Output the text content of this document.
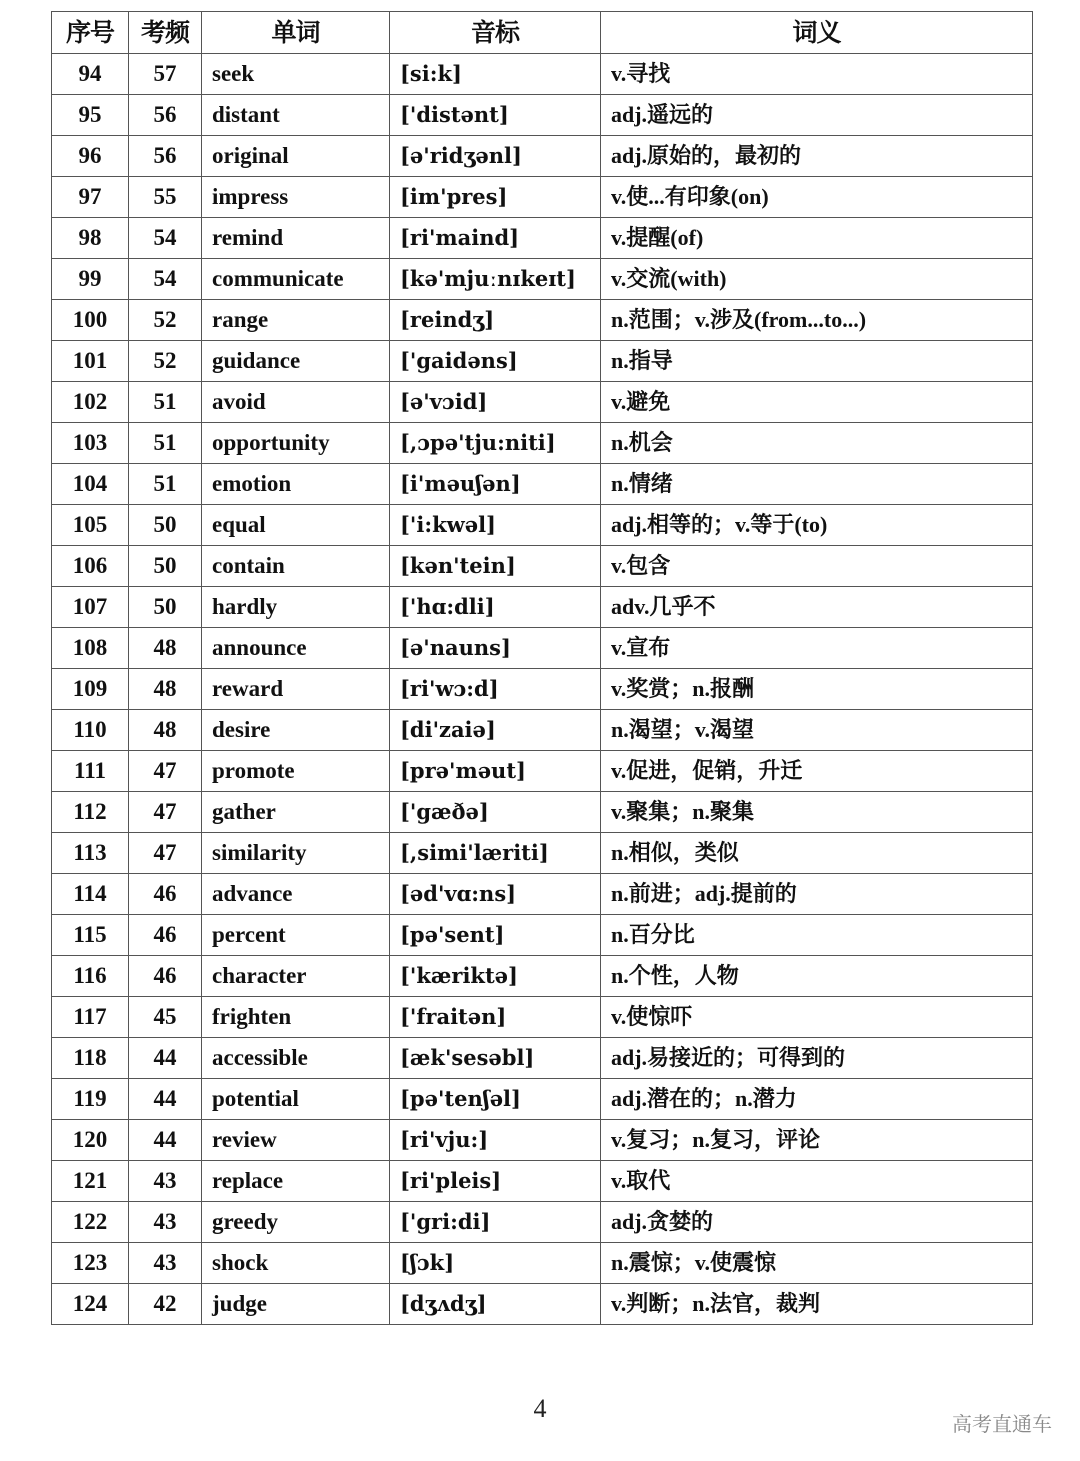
序号	考频	单词	音标	词义
94	57	seek	[si:k]	v.寻找
95	56	distant	['distənt]	adj.遥远的
96	56	original	[ə'ridʒənl]	adj.原始的，最初的
97	55	impress	[im'pres]	v.使...有印象(on)
98	54	remind	[ri'maind]	v.提醒(of)
99	54	communicate	[kə'mjuːnɪkeɪt]	v.交流(with)
100	52	range	[reindʒ]	n.范围；v.涉及(from...to...)
101	52	guidance	['gaidəns]	n.指导
102	51	avoid	[ə'vɔid]	v.避免
103	51	opportunity	[,ɔpə'tju:niti]	n.机会
104	51	emotion	[i'məuʃən]	n.情绪
105	50	equal	['i:kwəl]	adj.相等的；v.等于(to)
106	50	contain	[kən'tein]	v.包含
107	50	hardly	['hɑ:dli]	adv.几乎不
108	48	announce	[ə'nauns]	v.宣布
109	48	reward	[ri'wɔ:d]	v.奖赏；n.报酬
110	48	desire	[di'zaiə]	n.渴望；v.渴望
111	47	promote	[prə'məut]	v.促进，促销，升迁
112	47	gather	['gæðə]	v.聚集；n.聚集
113	47	similarity	[,simi'læriti]	n.相似，类似
114	46	advance	[əd'vɑ:ns]	n.前进；adj.提前的
115	46	percent	[pə'sent]	n.百分比
116	46	character	['kæriktə]	n.个性，人物
117	45	frighten	['fraitən]	v.使惊吓
118	44	accessible	[æk'sesəbl]	adj.易接近的；可得到的
119	44	potential	[pə'tenʃəl]	adj.潜在的；n.潜力
120	44	review	[ri'vju:]	v.复习；n.复习，评论
121	43	replace	[ri'pleis]	v.取代
122	43	greedy	['gri:di]	adj.贪婪的
123	43	shock	[ʃɔk]	n.震惊；v.使震惊
124	42	judge	[dʒʌdʒ]	v.判断；n.法官，裁判
4
高考直通车
